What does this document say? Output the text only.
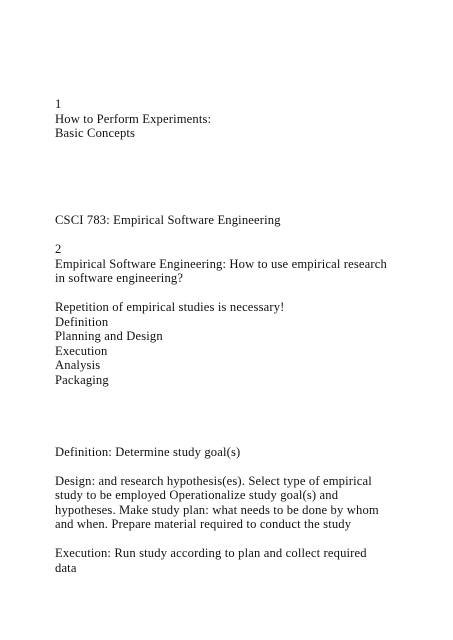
1

How to Perform Experiments:

Basic Concepts

CSCI 783: Empirical Software Engineering

2

Empirical Software Engineering: How to use empirical research

in software engineering?

Repetition of empirical studies is necessary!

Definition

Planning and Design

Execution

Analysis

Packaging

Definition: Determine study goal(s)

Design: and research hypothesis(es). Select type of empirical

study to be employed Operationalize study goal(s) and

hypotheses. Make study plan: what needs to be done by whom

and when. Prepare material required to conduct the study

Execution: Run study according to plan and collect required

data
